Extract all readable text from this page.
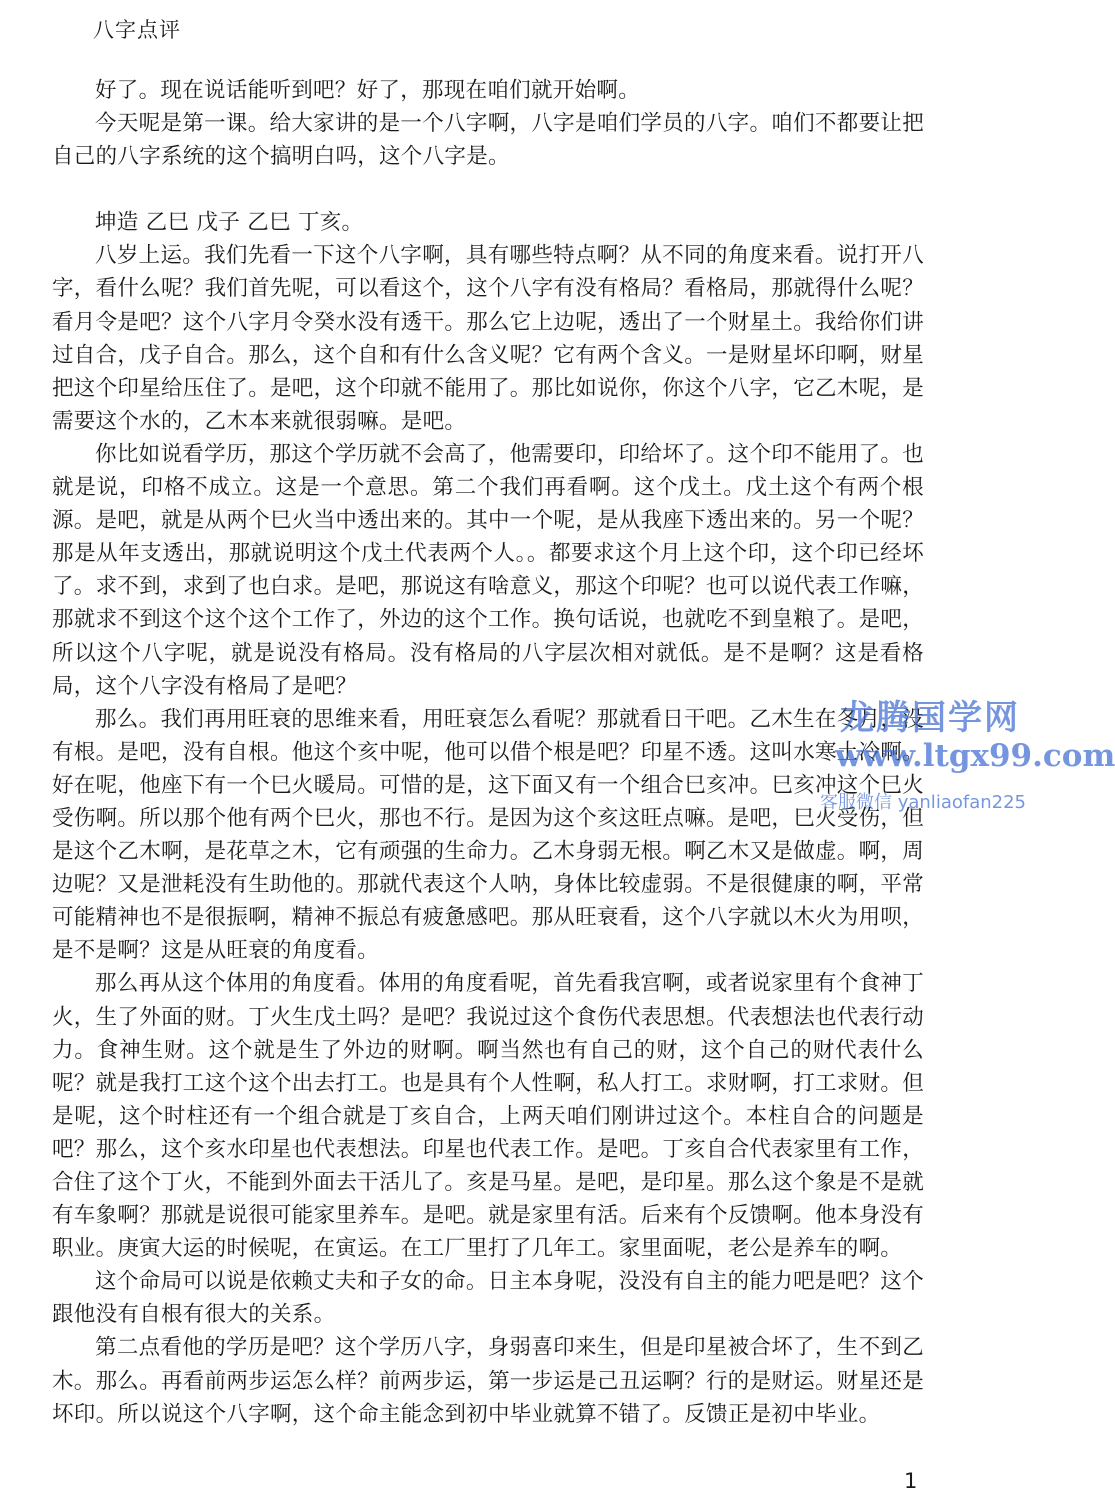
八字点评

好了。现在说话能听到吧？好了，那现在咱们就开始啊。

今天呢是第一课。给大家讲的是一个八字啊，八字是咱们学员的八字。咱们不都要让把自己的八字系统的这个搞明白吗，这个八字是。

坤造 乙巳 戊子 乙巳 丁亥。

八岁上运。我们先看一下这个八字啊，具有哪些特点啊？从不同的角度来看。说打开八字，看什么呢？我们首先呢，可以看这个，这个八字有没有格局？看格局，那就得什么呢？看月令是吧？这个八字月令癸水没有透干。那么它上边呢，透出了一个财星土。我给你们讲过自合，戊子自合。那么，这个自和有什么含义呢？它有两个含义。一是财星坏印啊，财星把这个印星给压住了。是吧，这个印就不能用了。那比如说你，你这个八字，它乙木呢，是需要这个水的，乙木本来就很弱嘛。是吧。

你比如说看学历，那这个学历就不会高了，他需要印，印给坏了。这个印不能用了。也就是说，印格不成立。这是一个意思。第二个我们再看啊。这个戊土。戊土这个有两个根源。是吧，就是从两个巳火当中透出来的。其中一个呢，是从我座下透出来的。另一个呢？那是从年支透出，那就说明这个戊土代表两个人。。都要求这个月上这个印，这个印已经坏了。求不到，求到了也白求。是吧，那说这有啥意义，那这个印呢？也可以说代表工作嘛，那就求不到这个这个这个工作了，外边的这个工作。换句话说，也就吃不到皇粮了。是吧，所以这个八字呢，就是说没有格局。没有格局的八字层次相对就低。是不是啊？这是看格局，这个八字没有格局了是吧？

那么。我们再用旺衰的思维来看，用旺衰怎么看呢？那就看日干吧。乙木生在冬月，没有根。是吧，没有自根。他这个亥中呢，他可以借个根是吧？印星不透。这叫水寒土冷啊。好在呢，他座下有一个巳火暖局。可惜的是，这下面又有一个组合巳亥冲。巳亥冲这个巳火受伤啊。所以那个他有两个巳火，那也不行。是因为这个亥这旺点嘛。是吧，巳火受伤，但是这个乙木啊，是花草之木，它有顽强的生命力。乙木身弱无根。啊乙木又是做虚。啊，周边呢？又是泄耗没有生助他的。那就代表这个人呐，身体比较虚弱。不是很健康的啊，平常可能精神也不是很振啊，精神不振总有疲惫感吧。那从旺衰看，这个八字就以木火为用呗，是不是啊？这是从旺衰的角度看。

那么再从这个体用的角度看。体用的角度看呢，首先看我宫啊，或者说家里有个食神丁火，生了外面的财。丁火生戊土吗？是吧？我说过这个食伤代表思想。代表想法也代表行动力。食神生财。这个就是生了外边的财啊。啊当然也有自己的财，这个自己的财代表什么呢？就是我打工这个这个出去打工。也是具有个人性啊，私人打工。求财啊，打工求财。但是呢，这个时柱还有一个组合就是丁亥自合，上两天咱们刚讲过这个。本柱自合的问题是吧？那么，这个亥水印星也代表想法。印星也代表工作。是吧。丁亥自合代表家里有工作，合住了这个丁火，不能到外面去干活儿了。亥是马星。是吧，是印星。那么这个象是不是就有车象啊？那就是说很可能家里养车。是吧。就是家里有活。后来有个反馈啊。他本身没有职业。庚寅大运的时候呢，在寅运。在工厂里打了几年工。家里面呢，老公是养车的啊。

这个命局可以说是依赖丈夫和子女的命。日主本身呢，没没有自主的能力吧是吧？这个跟他没有自根有很大的关系。

第二点看他的学历是吧？这个学历八字，身弱喜印来生，但是印星被合坏了，生不到乙木。那么。再看前两步运怎么样？前两步运，第一步运是己丑运啊？行的是财运。财星还是坏印。所以说这个八字啊，这个命主能念到初中毕业就算不错了。反馈正是初中毕业。

龙腾国学网
www.ltgx99.com
客服微信 yanliaofan225
1
